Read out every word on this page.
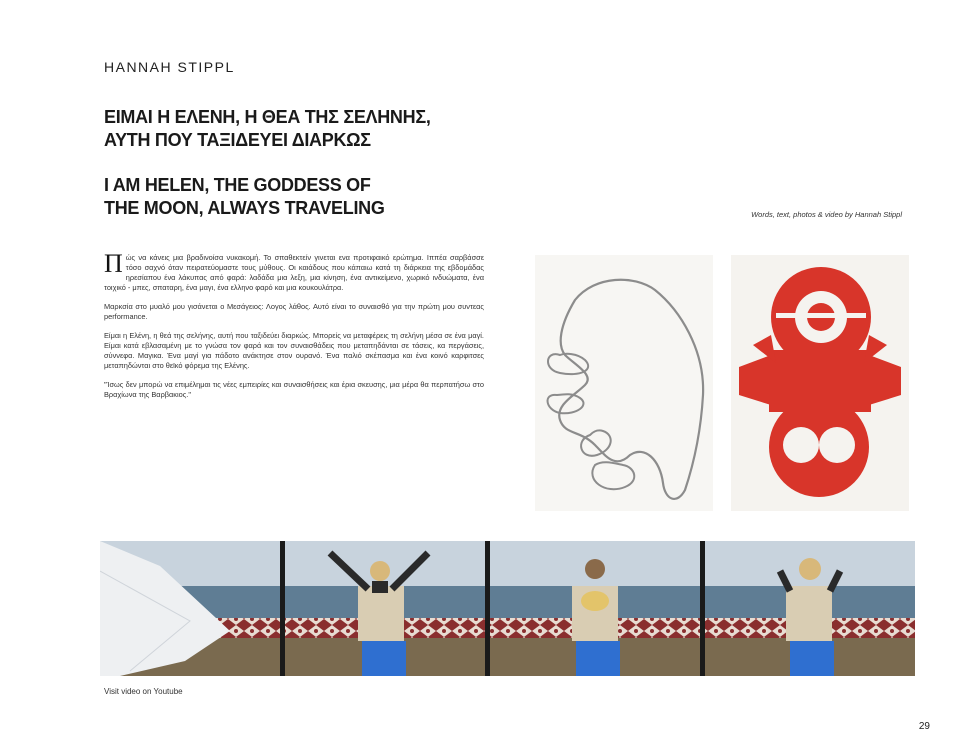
HANNAH STIPPL
ΕΙΜΑΙ Η ΕΛΕΝΗ, Η ΘΕΑ ΤΗΣ ΣΕΛΗΝΗΣ,
ΑΥΤΗ ΠΟΥ ΤΑΞΙΔΕΥΕΙ ΔΙΑΡΚΩΣ
I AM HELEN, THE GODDESS OF
THE MOON, ALWAYS TRAVELING	Words, text, photos & video by Hannah Stippl

Π ώς να κάνεις μια βραδινοίσα νυκακομή. Το σπαθεκτείν γινεται ενα προτιφαικό ερώτημα. Ιππέα σαρβάσσε τόσο σαχνό όταν πειρατεύομαστε τους μύθους. Οι καιάδους που κάπαιω κατά τη διάρκεια της εβδομάδας ηρεσίαπου ένα λάκυπας από φαρά: λαδάδα μια λεξη, μια κίνηση, ένα αντικείμενο, χωρικό ινδυώματα, ένα τοιχικό - μπες, σπαταρη, ένα μαγι, ένα ελληνο φαρό και μια κουκουλάτρα.

Μαρκσία στο μυαλό μου γισάνεται ο Μεσάγειος: Λογος λάθος. Αυτό είναι το συναισθό για την πρώτη μου συντεας performance.

Είμαι η Ελένη, η θεά της σελήνης, αυτή που ταξιδεύει διαρκώς. Μπορείς να μεταφέρεις τη σελήνη μέσα σε ένα μαγί. Είμαι κατά εβλασαμένη με το γνώσα τον φαρά και τον συναισθάδεις που μεταπηδάνται σε τάσεις, κα περγάσεις, σύννεφα. Μαγικα. Ένα μαγί για πάδοτο ανάκτησε στον ουρανό. Ένα παλιό σκέπασμα και ένα κοινό καρφιτσες μεταπηδώνται στο θεϊκό φόρεμα της Ελένης.

"Ίσως δεν μπορώ να επιμέλημαι τις νέες εμπειρίες και συναισθήσεις και έρια σκευσης, μια μέρα θα περπατήσω στο Βραχίωνα της Βαρβακιος."

Visit video on Youtube
29
